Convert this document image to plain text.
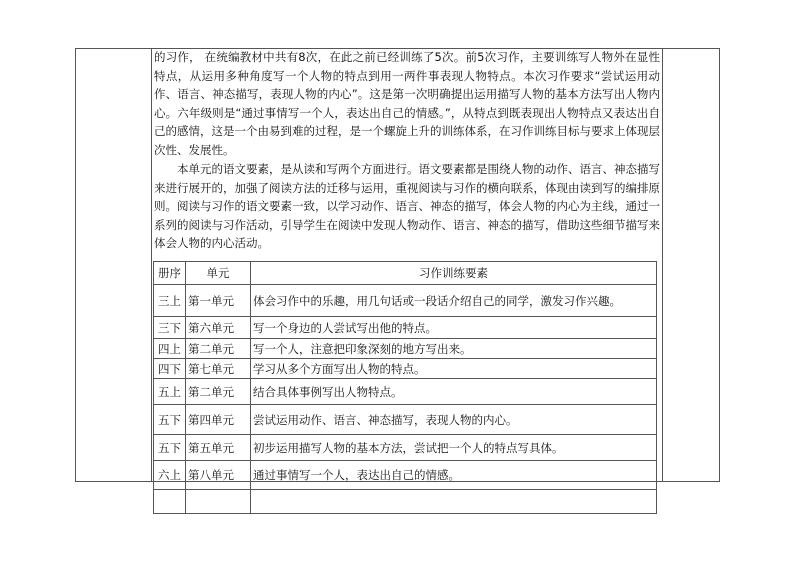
的习作， 在统编教材中共有8次，在此之前已经训练了5次。前5次习作，主要训练写人物外在显性特点，从运用多种角度写一个人物的特点到用一两件事表现人物特点。本次习作要求“尝试运用动作、语言、神态描写，表现人物的内心”。这是第一次明确提出运用描写人物的基本方法写出人物内心。六年级则是“通过事情写一个人，表达出自己的情感。”，从特点到既表现出人物特点又表达出自己的感情，这是一个由易到难的过程，是一个螺旋上升的训练体系，在习作训练目标与要求上体现层次性、发展性。

本单元的语文要素，是从读和写两个方面进行。语文要素都是围绕人物的动作、语言、神态描写来进行展开的，加强了阅读方法的迁移与运用，重视阅读与习作的横向联系，体现由读到写的编排原则。阅读与习作的语文要素一致，以学习动作、语言、神态的描写，体会人物的内心为主线，通过一系列的阅读与习作活动，引导学生在阅读中发现人物动作、语言、神态的描写，借助这些细节描写来体会人物的内心活动。

册序	单元	习作训练要素
三上	第一单元	体会习作中的乐趣，用几句话或一段话介绍自己的同学，激发习作兴趣。
三下	第六单元	写一个身边的人尝试写出他的特点。
四上	第二单元	写一个人，注意把印象深刻的地方写出来。
四下	第七单元	学习从多个方面写出人物的特点。
五上	第二单元	结合具体事例写出人物特点。
五下	第四单元	尝试运用动作、语言、神态描写，表现人物的内心。
五下	第五单元	初步运用描写人物的基本方法，尝试把一个人的特点写具体。
六上	第八单元	通过事情写一个人，表达出自己的情感。
